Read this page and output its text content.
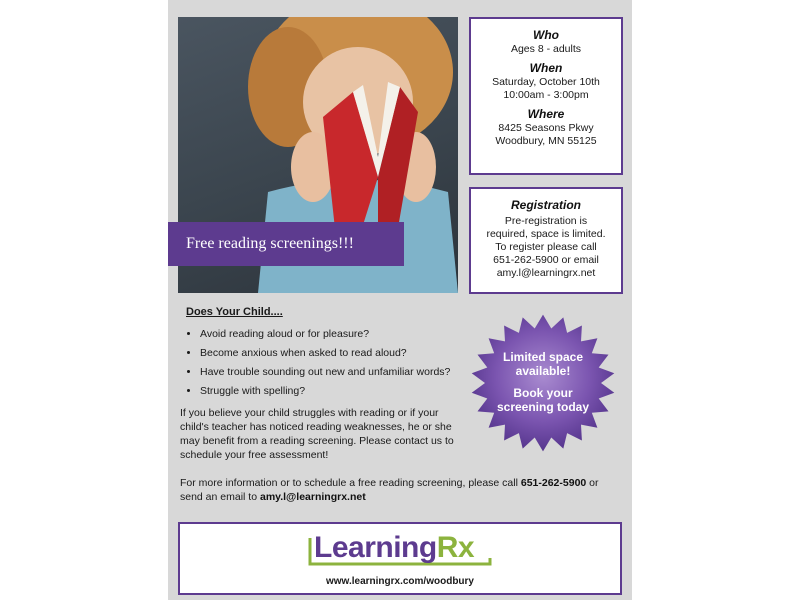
Free reading screenings!!!
Who

Ages 8 - adults

When

Saturday, October 10th

10:00am - 3:00pm

Where

8425 Seasons Pkwy

Woodbury, MN 55125

Registration

Pre-registration is

required, space is limited.

To register please call

651-262-5900 or email

amy.l@learningrx.net

Does Your Child....
• Avoid reading aloud or for pleasure?
• Become anxious when asked to read aloud?
• Have trouble sounding out new and unfamiliar words?
• Struggle with spelling?

If you believe your child struggles with reading or if your child's teacher has noticed reading weaknesses, he or she may benefit from a reading screening. Please contact us to schedule your free assessment!

For more information or to schedule a free reading screening, please call 651-262-5900 or send an email to amy.l@learningrx.net

Limited space
available!
Book your
screening today
LearningRx
www.learningrx.com/woodbury
